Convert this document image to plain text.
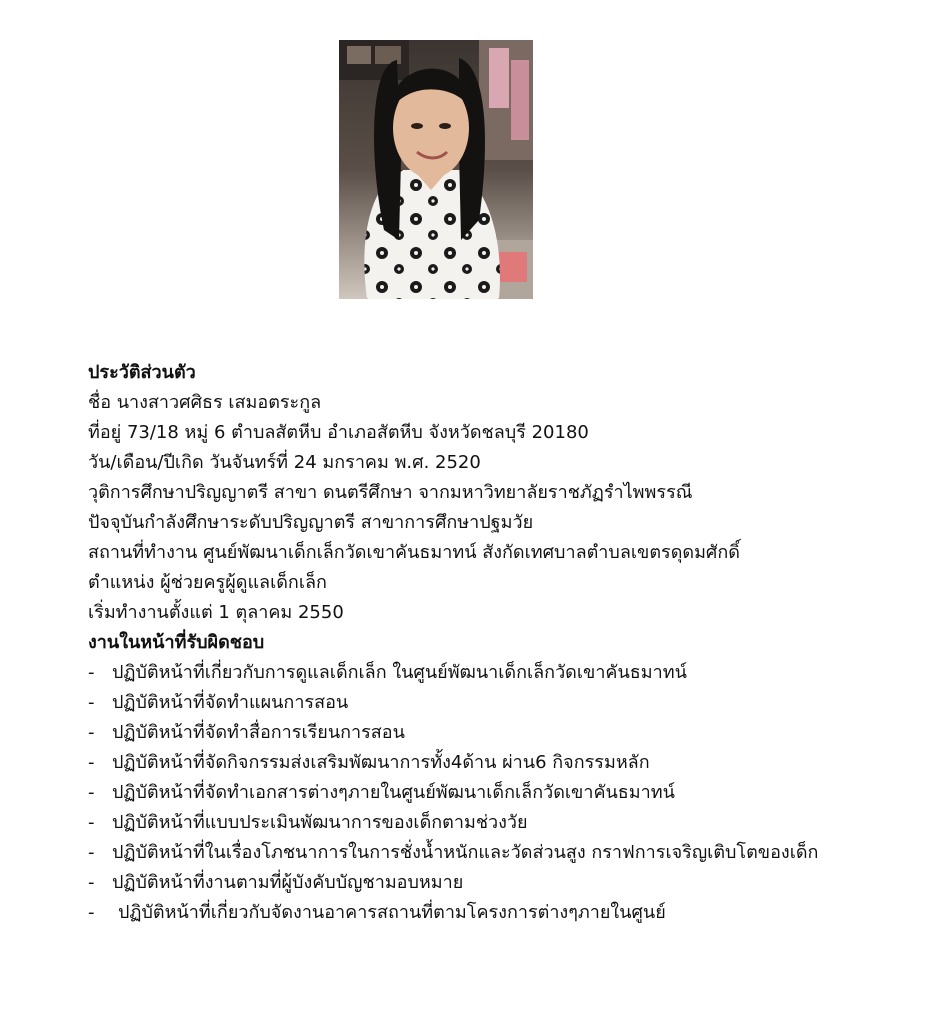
ประวัติส่วนตัว
ชื่อ นางสาวศศิธร เสมอตระกูล
ที่อยู่ 73/18 หมู่ 6 ตำบลสัตหีบ อำเภอสัตหีบ จังหวัดชลบุรี 20180
วัน/เดือน/ปีเกิด วันจันทร์ที่ 24 มกราคม พ.ศ. 2520
วุติการศึกษาปริญญาตรี สาขา ดนตรีศึกษา จากมหาวิทยาลัยราชภัฏรำไพพรรณี
ปัจจุบันกำลังศึกษาระดับปริญญาตรี สาขาการศึกษาปฐมวัย
สถานที่ทำงาน ศูนย์พัฒนาเด็กเล็กวัดเขาคันธมาทน์ สังกัดเทศบาลตำบลเขตรดุดมศักดิ์
ตำแหน่ง ผู้ช่วยครูผู้ดูแลเด็กเล็ก
เริ่มทำงานตั้งแต่ 1 ตุลาคม 2550
งานในหน้าที่รับผิดชอบ
- ปฏิบัติหน้าที่เกี่ยวกับการดูแลเด็กเล็ก ในศูนย์พัฒนาเด็กเล็กวัดเขาคันธมาทน์
- ปฏิบัติหน้าที่จัดทำแผนการสอน
- ปฏิบัติหน้าที่จัดทำสื่อการเรียนการสอน
- ปฏิบัติหน้าที่จัดกิจกรรมส่งเสริมพัฒนาการทั้ง4ด้าน ผ่าน6 กิจกรรมหลัก
- ปฏิบัติหน้าที่จัดทำเอกสารต่างๆภายในศูนย์พัฒนาเด็กเล็กวัดเขาคันธมาทน์
- ปฏิบัติหน้าที่แบบประเมินพัฒนาการของเด็กตามช่วงวัย
- ปฏิบัติหน้าที่ในเรื่องโภชนาการในการชั่งน้ำหนักและวัดส่วนสูง กราฟการเจริญเติบโตของเด็ก
- ปฏิบัติหน้าที่งานตามที่ผู้บังคับบัญชามอบหมาย
- ปฏิบัติหน้าที่เกี่ยวกับจัดงานอาคารสถานที่ตามโครงการต่างๆภายในศูนย์
